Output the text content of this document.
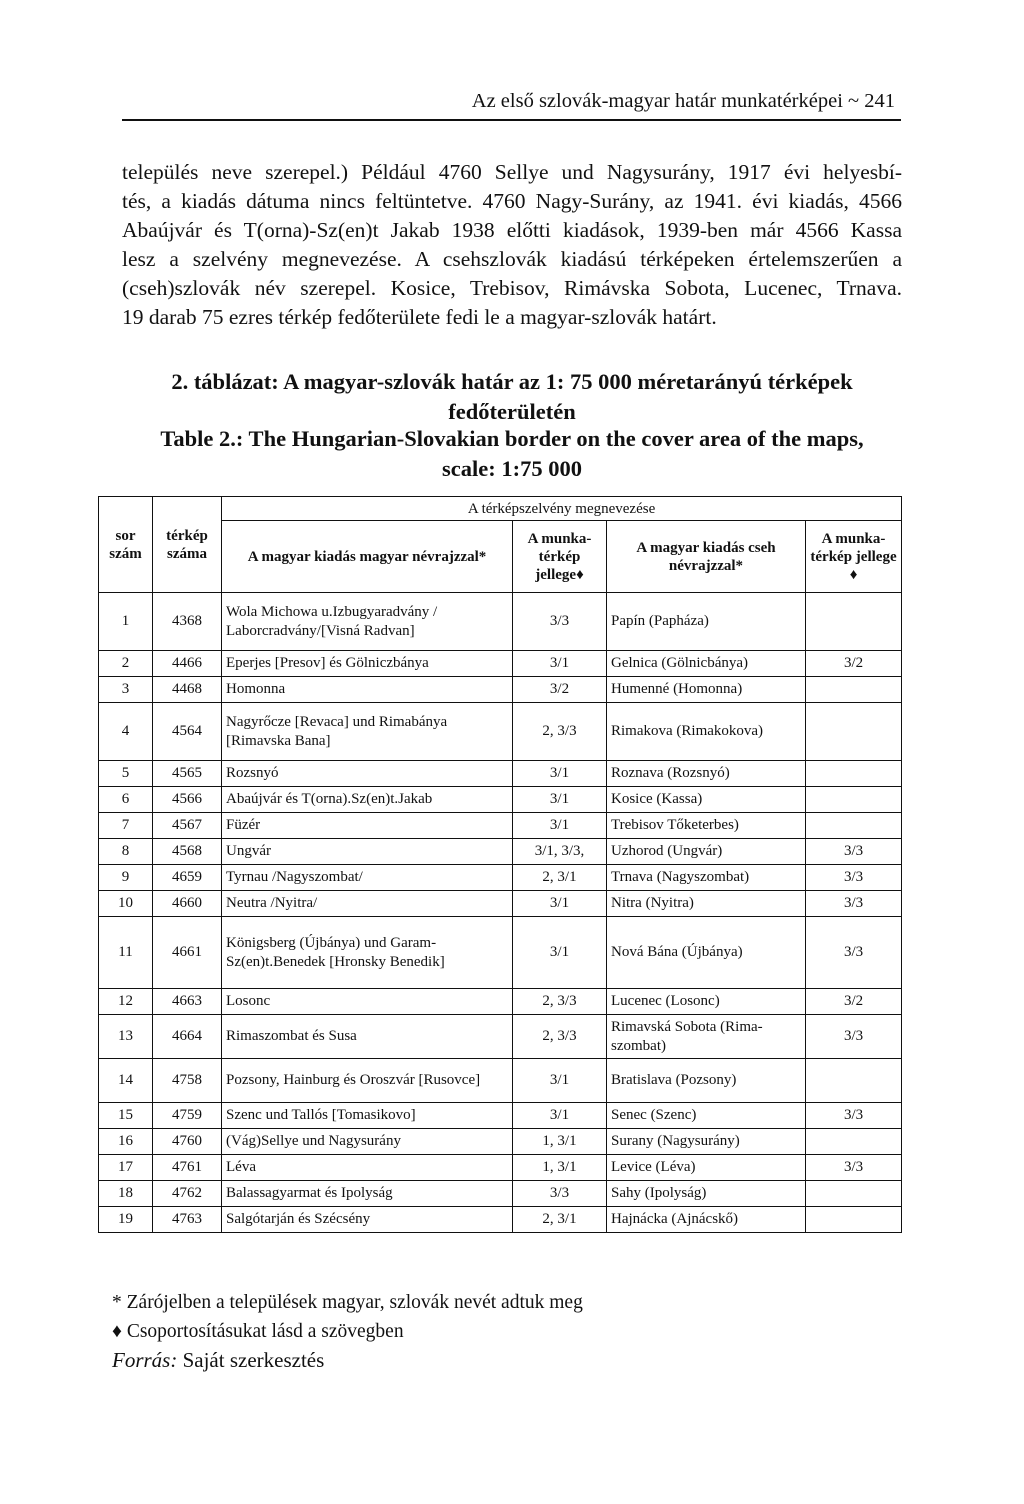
Az első szlovák-magyar határ munkatérképei ~ 241
település neve szerepel.) Például 4760 Sellye und Nagysurány, 1917 évi helyesbí-
tés, a kiadás dátuma nincs feltüntetve. 4760 Nagy-Surány, az 1941. évi kiadás, 4566
Abaújvár és T(orna)-Sz(en)t Jakab 1938 előtti kiadások, 1939-ben már 4566 Kassa
lesz a szelvény megnevezése. A csehszlovák kiadású térképeken értelemszerűen a
(cseh)szlovák név szerepel. Kosice, Trebisov, Rimávska Sobota, Lucenec, Trnava.
19 darab 75 ezres térkép fedőterülete fedi le a magyar-szlovák határt.
2. táblázat: A magyar-szlovák határ az 1: 75 000 méretarányú térképek
fedőterületén
Table 2.: The Hungarian-Slovakian border on the cover area of the maps,
scale: 1:75 000
sor szám	térkép száma	A térképszelvény megnevezése			
		A magyar kiadás magyar névrajzzal*	A munka-térkép jellege♦	A magyar kiadás cseh névrajzzal*	A munka-térkép jellege ♦
1	4368	Wola Michowa u.Izbugyaradvány / Laborcradvány/[Visná Radvan]	3/3	Papín (Papháza)	
2	4466	Eperjes [Presov] és Gölniczbánya	3/1	Gelnica (Gölnicbánya)	3/2
3	4468	Homonna	3/2	Humenné (Homonna)	
4	4564	Nagyrőcze [Revaca] und Rimabánya [Rimavska Bana]	2, 3/3	Rimakova (Rimakokova)	
5	4565	Rozsnyó	3/1	Roznava (Rozsnyó)	
6	4566	Abaújvár és T(orna).Sz(en)t.Jakab	3/1	Kosice (Kassa)	
7	4567	Füzér	3/1	Trebisov Tőketerbes)	
8	4568	Ungvár	3/1, 3/3,	Uzhorod (Ungvár)	3/3
9	4659	Tyrnau /Nagyszombat/	2, 3/1	Trnava (Nagyszombat)	3/3
10	4660	Neutra /Nyitra/	3/1	Nitra (Nyitra)	3/3
11	4661	Königsberg (Újbánya) und Garam-Sz(en)t.Benedek [Hronsky Benedik]	3/1	Nová Bána (Újbánya)	3/3
12	4663	Losonc	2, 3/3	Lucenec (Losonc)	3/2
13	4664	Rimaszombat és Susa	2, 3/3	Rimavská Sobota (Rima-szombat)	3/3
14	4758	Pozsony, Hainburg és Oroszvár [Rusovce]	3/1	Bratislava (Pozsony)	
15	4759	Szenc und Tallós [Tomasikovo]	3/1	Senec (Szenc)	3/3
16	4760	(Vág)Sellye und Nagysurány	1, 3/1	Surany (Nagysurány)	
17	4761	Léva	1, 3/1	Levice (Léva)	3/3
18	4762	Balassagyarmat és Ipolyság	3/3	Sahy (Ipolyság)	
19	4763	Salgótarján és Szécsény	2, 3/1	Hajnácka (Ajnácskő)	
* Zárójelben a települések magyar, szlovák nevét adtuk meg
♦ Csoportosításukat lásd a szövegben
Forrás: Saját szerkesztés
